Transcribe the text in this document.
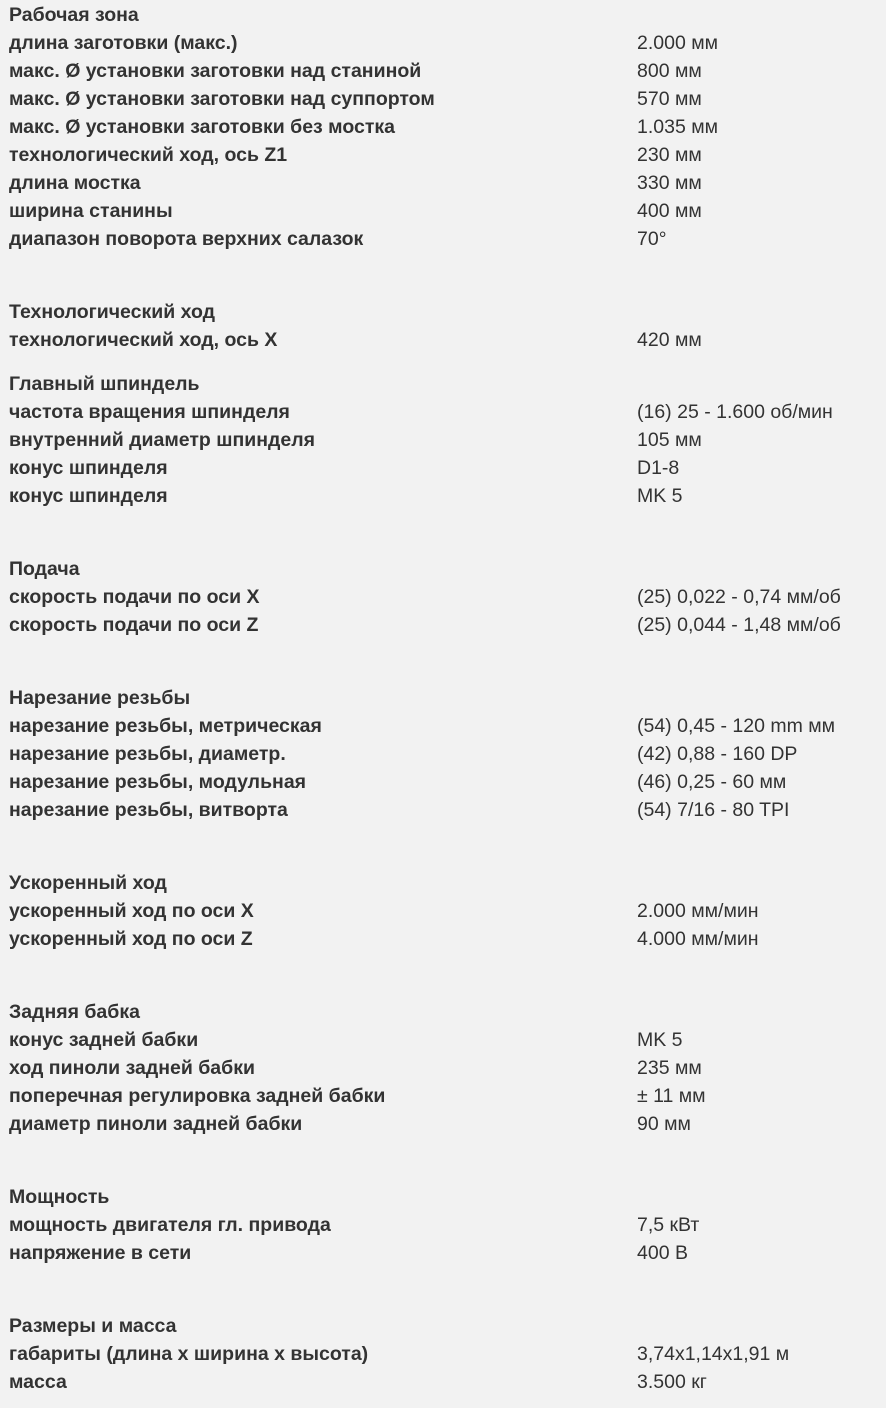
Рабочая зона
длина заготовки (макс.)	2.000 мм
макс. Ø установки заготовки над станиной	800 мм
макс. Ø установки заготовки над суппортом	570 мм
макс. Ø установки заготовки без мостка	1.035 мм
технологический ход, ось Z1	230 мм
длина мостка	330 мм
ширина станины	400 мм
диапазон поворота верхних салазок	70°
Технологический ход
технологический ход, ось X	420 мм
Главный шпиндель
частота вращения шпинделя	(16) 25 - 1.600 об/мин
внутренний диаметр шпинделя	105 мм
конус шпинделя	D1-8
конус шпинделя	MK 5
Подача
скорость подачи по оси X	(25) 0,022 - 0,74 мм/об
скорость подачи по оси Z	(25) 0,044 - 1,48 мм/об
Нарезание резьбы
нарезание резьбы, метрическая	(54) 0,45 - 120 mm мм
нарезание резьбы, диаметр.	(42) 0,88 - 160 DP
нарезание резьбы, модульная	(46) 0,25 - 60 мм
нарезание резьбы, витворта	(54) 7/16 - 80 TPI
Ускоренный ход
ускоренный ход по оси X	2.000 мм/мин
ускоренный ход по оси Z	4.000 мм/мин
Задняя бабка
конус задней бабки	MK 5
ход пиноли задней бабки	235 мм
поперечная регулировка задней бабки	± 11 мм
диаметр пиноли задней бабки	90 мм
Мощность
мощность двигателя гл. привода	7,5 кВт
напряжение в сети	400 В
Размеры и масса
габариты (длина x ширина x высота)	3,74x1,14x1,91 м
масса	3.500 кг
